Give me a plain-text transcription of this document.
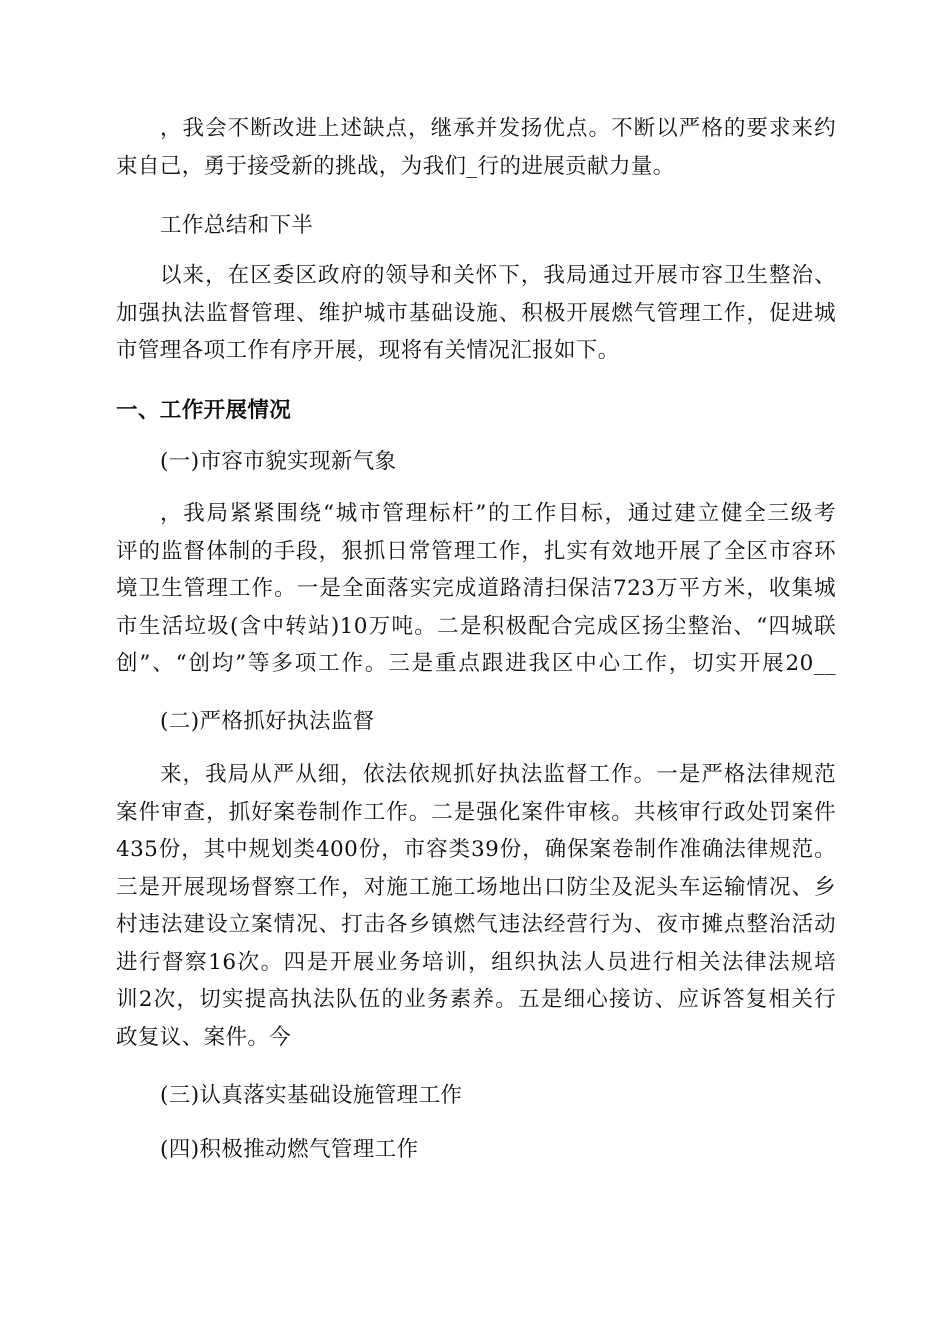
，我会不断改进上述缺点，继承并发扬优点。不断以严格的要求来约
束自己，勇于接受新的挑战，为我们_行的进展贡献力量。
工作总结和下半
以来，在区委区政府的领导和关怀下，我局通过开展市容卫生整治、
加强执法监督管理、维护城市基础设施、积极开展燃气管理工作，促进城
市管理各项工作有序开展，现将有关情况汇报如下。
一、工作开展情况
(一)市容市貌实现新气象
，我局紧紧围绕“城市管理标杆”的工作目标，通过建立健全三级考
评的监督体制的手段，狠抓日常管理工作，扎实有效地开展了全区市容环
境卫生管理工作。一是全面落实完成道路清扫保洁723万平方米，收集城
市生活垃圾(含中转站)10万吨。二是积极配合完成区扬尘整治、“四城联
创”、“创均”等多项工作。三是重点跟进我区中心工作，切实开展20__
(二)严格抓好执法监督
来，我局从严从细，依法依规抓好执法监督工作。一是严格法律规范
案件审查，抓好案卷制作工作。二是强化案件审核。共核审行政处罚案件
435份，其中规划类400份，市容类39份，确保案卷制作准确法律规范。
三是开展现场督察工作，对施工施工场地出口防尘及泥头车运输情况、乡
村违法建设立案情况、打击各乡镇燃气违法经营行为、夜市摊点整治活动
进行督察16次。四是开展业务培训，组织执法人员进行相关法律法规培
训2次，切实提高执法队伍的业务素养。五是细心接访、应诉答复相关行
政复议、案件。今
(三)认真落实基础设施管理工作
(四)积极推动燃气管理工作
